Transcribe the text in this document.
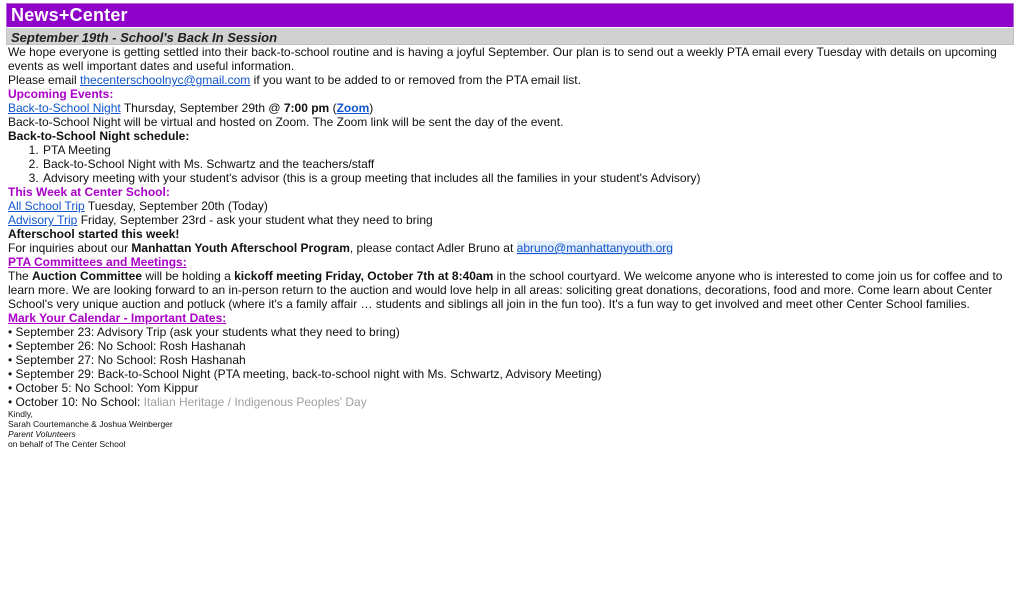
News+Center
September 19th - School's Back In Session
We hope everyone is getting settled into their back-to-school routine and is having a joyful September. Our plan is to send out a weekly PTA email every Tuesday with details on upcoming events as well important dates and useful information.
Please email thecenterschoolnyc@gmail.com if you want to be added to or removed from the PTA email list.
Upcoming Events:
Back-to-School Night Thursday, September 29th @ 7:00 pm (Zoom)
Back-to-School Night will be virtual and hosted on Zoom. The Zoom link will be sent the day of the event.
Back-to-School Night schedule:
1. PTA Meeting
2. Back-to-School Night with Ms. Schwartz and the teachers/staff
3. Advisory meeting with your student's advisor (this is a group meeting that includes all the families in your student's Advisory)
This Week at Center School:
All School Trip Tuesday, September 20th (Today)
Advisory Trip Friday, September 23rd - ask your student what they need to bring
Afterschool started this week!
For inquiries about our Manhattan Youth Afterschool Program, please contact Adler Bruno at abruno@manhattanyouth.org
PTA Committees and Meetings:
The Auction Committee will be holding a kickoff meeting Friday, October 7th at 8:40am in the school courtyard. We welcome anyone who is interested to come join us for coffee and to learn more. We are looking forward to an in-person return to the auction and would love help in all areas: soliciting great donations, decorations, food and more. Come learn about Center School's very unique auction and potluck (where it's a family affair … students and siblings all join in the fun too). It's a fun way to get involved and meet other Center School families.
Mark Your Calendar - Important Dates:
• September 23: Advisory Trip (ask your students what they need to bring)
• September 26: No School: Rosh Hashanah
• September 27: No School: Rosh Hashanah
• September 29: Back-to-School Night (PTA meeting, back-to-school night with Ms. Schwartz, Advisory Meeting)
• October 5: No School: Yom Kippur
• October 10: No School: Italian Heritage / Indigenous Peoples' Day
Kindly,
Sarah Courtemanche & Joshua Weinberger
Parent Volunteers
on behalf of The Center School
